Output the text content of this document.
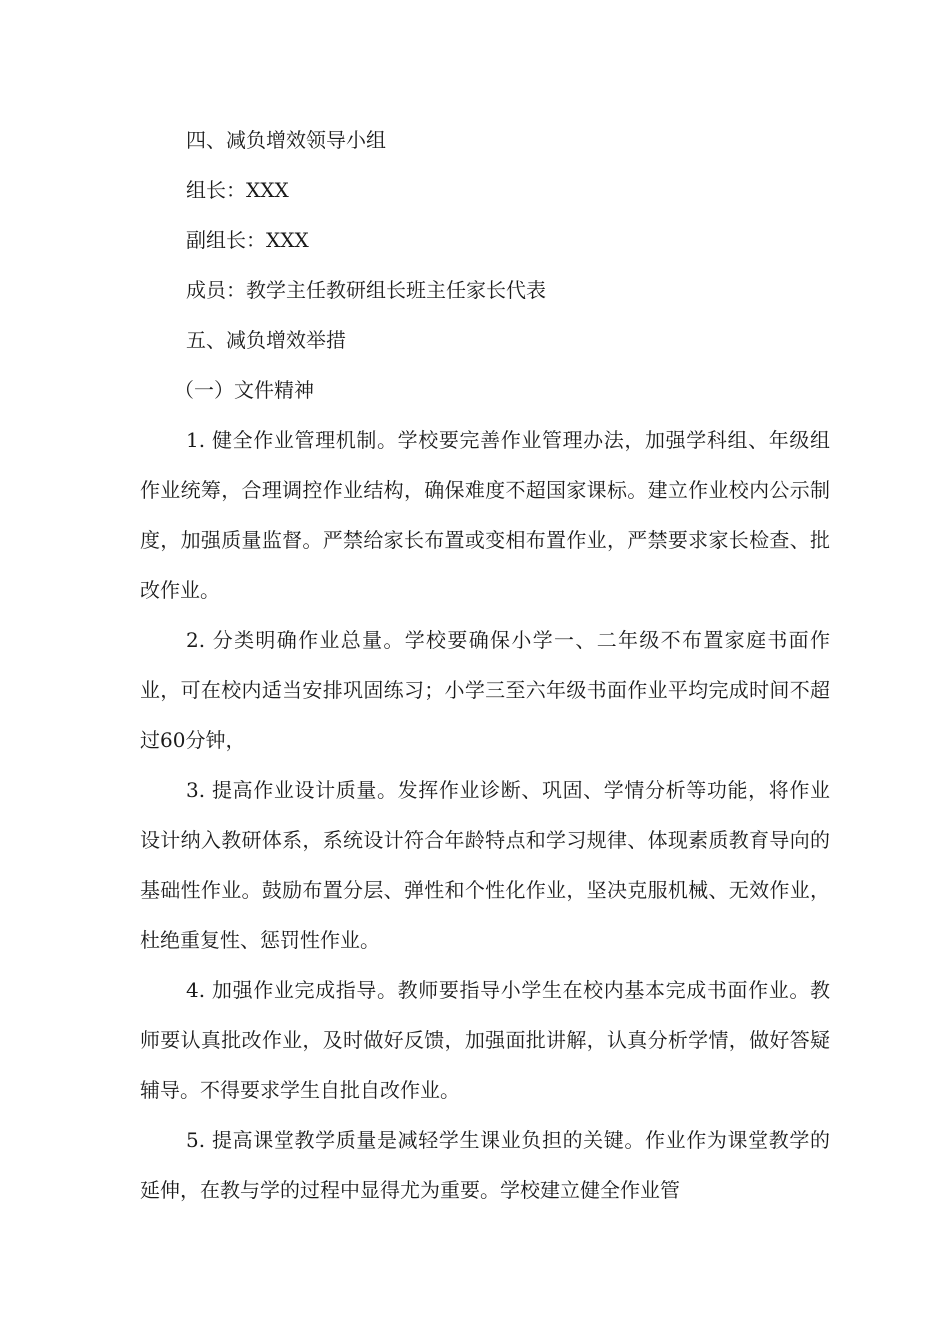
四、减负增效领导小组

组长：XXX

副组长：XXX

成员：教学主任教研组长班主任家长代表

五、减负增效举措

（一）文件精神

1. 健全作业管理机制。学校要完善作业管理办法，加强学科组、年级组作业统筹，合理调控作业结构，确保难度不超国家课标。建立作业校内公示制度，加强质量监督。严禁给家长布置或变相布置作业，严禁要求家长检查、批改作业。

2. 分类明确作业总量。学校要确保小学一、二年级不布置家庭书面作业，可在校内适当安排巩固练习；小学三至六年级书面作业平均完成时间不超过60分钟，

3. 提高作业设计质量。发挥作业诊断、巩固、学情分析等功能，将作业设计纳入教研体系，系统设计符合年龄特点和学习规律、体现素质教育导向的基础性作业。鼓励布置分层、弹性和个性化作业，坚决克服机械、无效作业，杜绝重复性、惩罚性作业。

4. 加强作业完成指导。教师要指导小学生在校内基本完成书面作业。教师要认真批改作业，及时做好反馈，加强面批讲解，认真分析学情，做好答疑辅导。不得要求学生自批自改作业。

5. 提高课堂教学质量是减轻学生课业负担的关键。作业作为课堂教学的延伸，在教与学的过程中显得尤为重要。学校建立健全作业管
